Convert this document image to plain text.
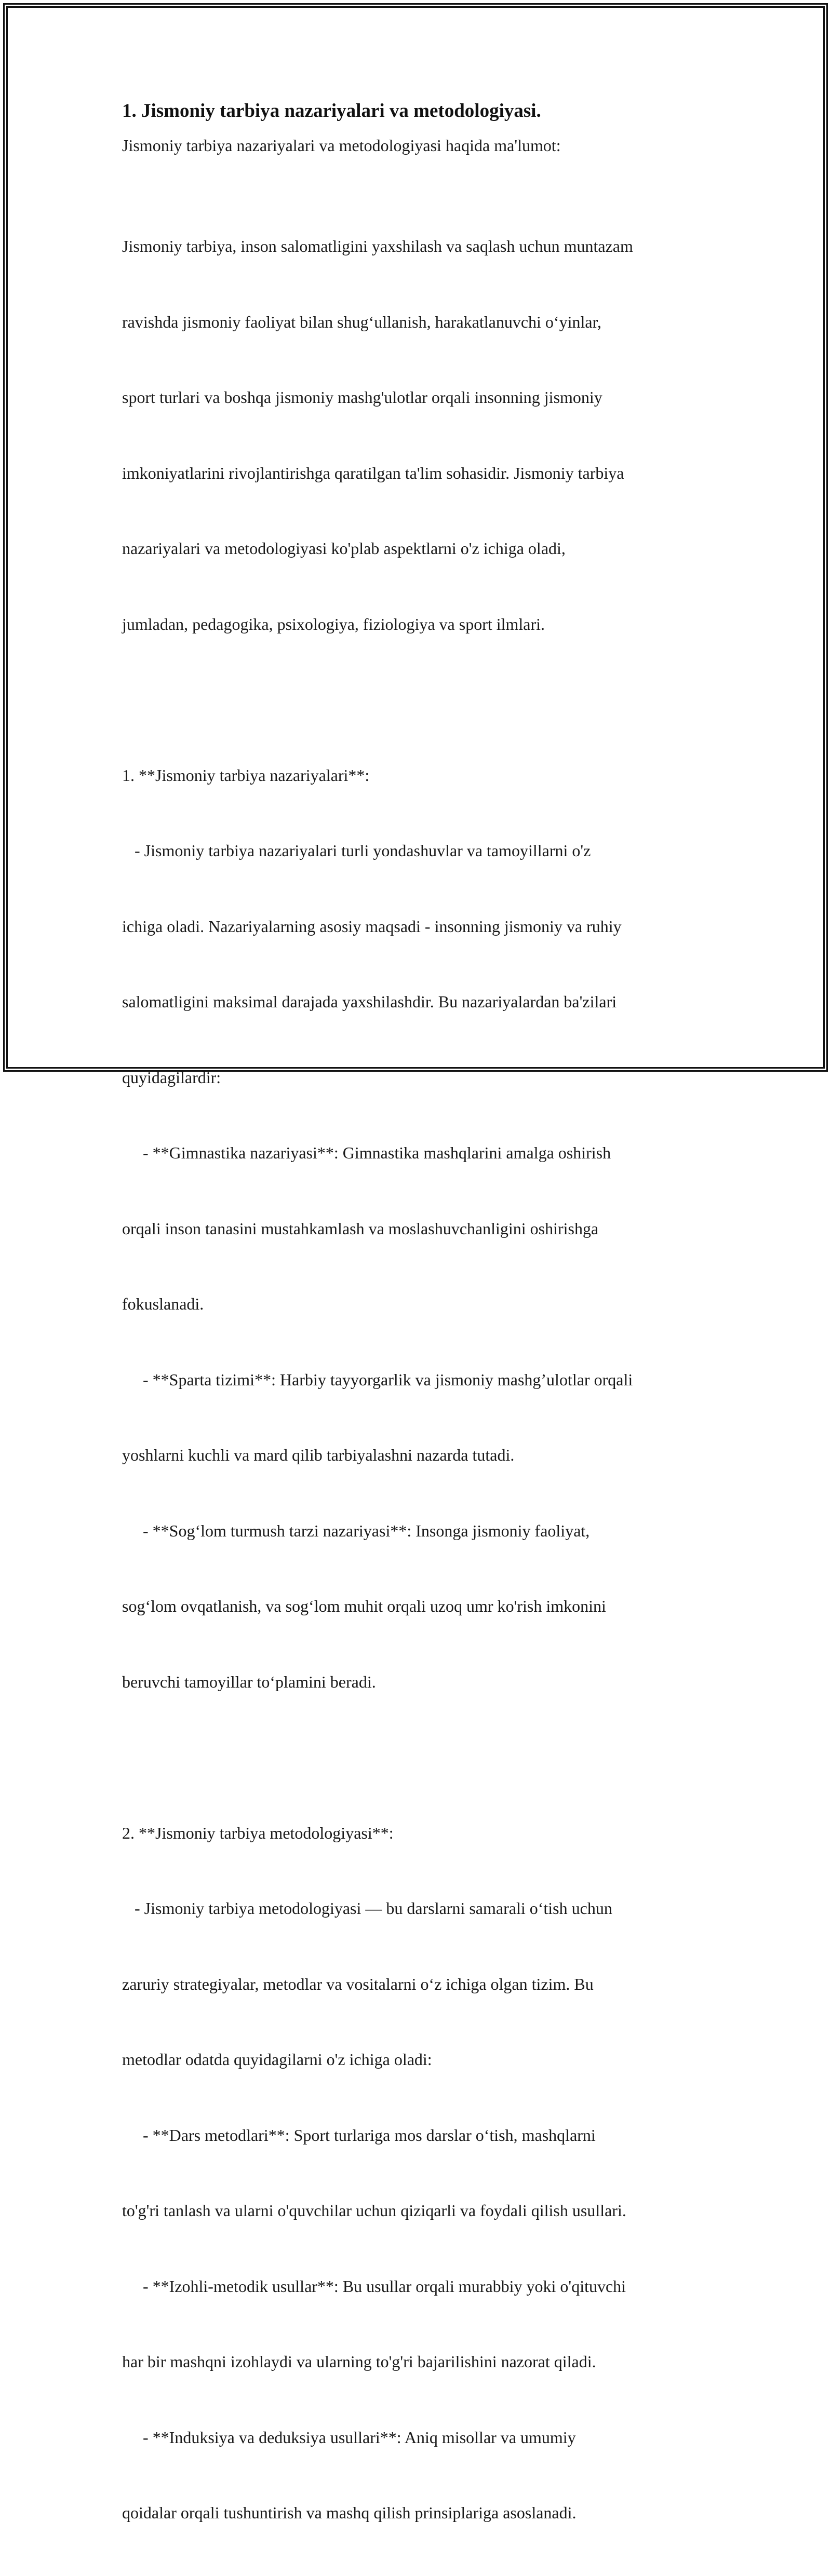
1. Jismoniy tarbiya nazariyalari va metodologiyasi.

Jismoniy tarbiya nazariyalari va metodologiyasi haqida ma'lumot:

Jismoniy tarbiya, inson salomatligini yaxshilash va saqlash uchun muntazam

ravishda jismoniy faoliyat bilan shug‘ullanish, harakatlanuvchi o‘yinlar,

sport turlari va boshqa jismoniy mashg'ulotlar orqali insonning jismoniy

imkoniyatlarini rivojlantirishga qaratilgan ta'lim sohasidir. Jismoniy tarbiya

nazariyalari va metodologiyasi ko'plab aspektlarni o'z ichiga oladi,

jumladan, pedagogika, psixologiya, fiziologiya va sport ilmlari.

1. **Jismoniy tarbiya nazariyalari**:

- Jismoniy tarbiya nazariyalari turli yondashuvlar va tamoyillarni o'z

ichiga oladi. Nazariyalarning asosiy maqsadi - insonning jismoniy va ruhiy

salomatligini maksimal darajada yaxshilashdir. Bu nazariyalardan ba'zilari

quyidagilardir:

- **Gimnastika nazariyasi**: Gimnastika mashqlarini amalga oshirish

orqali inson tanasini mustahkamlash va moslashuvchanligini oshirishga

fokuslanadi.

- **Sparta tizimi**: Harbiy tayyorgarlik va jismoniy mashg’ulotlar orqali

yoshlarni kuchli va mard qilib tarbiyalashni nazarda tutadi.

- **Sog‘lom turmush tarzi nazariyasi**: Insonga jismoniy faoliyat,

sog‘lom ovqatlanish, va sog‘lom muhit orqali uzoq umr ko'rish imkonini

beruvchi tamoyillar to‘plamini beradi.

2. **Jismoniy tarbiya metodologiyasi**:

- Jismoniy tarbiya metodologiyasi — bu darslarni samarali o‘tish uchun

zaruriy strategiyalar, metodlar va vositalarni o‘z ichiga olgan tizim. Bu

metodlar odatda quyidagilarni o'z ichiga oladi:

- **Dars metodlari**: Sport turlariga mos darslar o‘tish, mashqlarni

to'g'ri tanlash va ularni o'quvchilar uchun qiziqarli va foydali qilish usullari.

- **Izohli-metodik usullar**: Bu usullar orqali murabbiy yoki o'qituvchi

har bir mashqni izohlaydi va ularning to'g'ri bajarilishini nazorat qiladi.

- **Induksiya va deduksiya usullari**: Aniq misollar va umumiy

qoidalar orqali tushuntirish va mashq qilish prinsiplariga asoslanadi.
